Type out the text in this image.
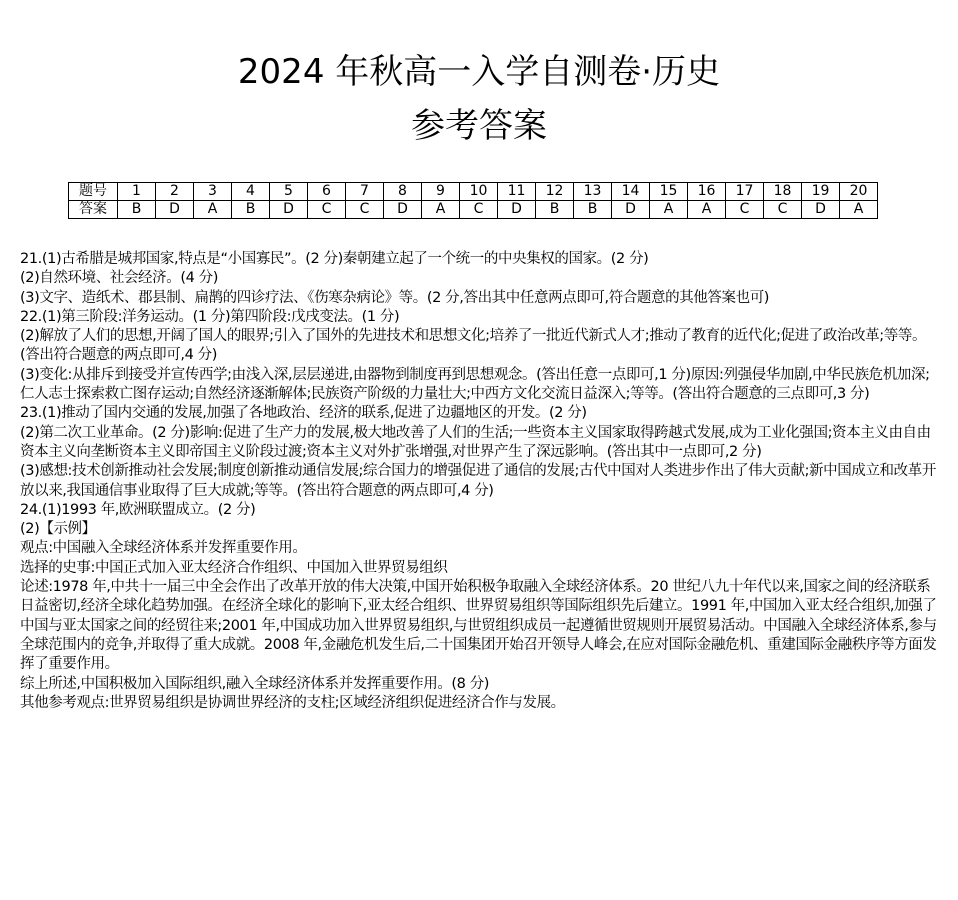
2024 年秋高一入学自测卷·历史
参考答案
题号	1	2	3	4	5	6	7	8	9	10	11	12	13	14	15	16	17	18	19	20
答案	B	D	A	B	D	C	C	D	A	C	D	B	B	D	A	A	C	C	D	A

21.(1)古希腊是城邦国家,特点是“小国寡民”。(2 分)秦朝建立起了一个统一的中央集权的国家。(2 分)

(2)自然环境、社会经济。(4 分)

(3)文字、造纸术、郡县制、扁鹊的四诊疗法、《伤寒杂病论》等。(2 分,答出其中任意两点即可,符合题意的其他答案也可)

22.(1)第三阶段:洋务运动。(1 分)第四阶段:戊戌变法。(1 分)

(2)解放了人们的思想,开阔了国人的眼界;引入了国外的先进技术和思想文化;培养了一批近代新式人才;推动了教育的近代化;促进了政治改革;等等。(答出符合题意的两点即可,4 分)

(3)变化:从排斥到接受并宣传西学;由浅入深,层层递进,由器物到制度再到思想观念。(答出任意一点即可,1 分)原因:列强侵华加剧,中华民族危机加深;仁人志士探索救亡图存运动;自然经济逐渐解体;民族资产阶级的力量壮大;中西方文化交流日益深入;等等。(答出符合题意的三点即可,3 分)

23.(1)推动了国内交通的发展,加强了各地政治、经济的联系,促进了边疆地区的开发。(2 分)

(2)第二次工业革命。(2 分)影响:促进了生产力的发展,极大地改善了人们的生活;一些资本主义国家取得跨越式发展,成为工业化强国;资本主义由自由资本主义向垄断资本主义即帝国主义阶段过渡;资本主义对外扩张增强,对世界产生了深远影响。(答出其中一点即可,2 分)

(3)感想:技术创新推动社会发展;制度创新推动通信发展;综合国力的增强促进了通信的发展;古代中国对人类进步作出了伟大贡献;新中国成立和改革开放以来,我国通信事业取得了巨大成就;等等。(答出符合题意的两点即可,4 分)

24.(1)1993 年,欧洲联盟成立。(2 分)

(2)【示例】

观点:中国融入全球经济体系并发挥重要作用。

选择的史事:中国正式加入亚太经济合作组织、中国加入世界贸易组织

论述:1978 年,中共十一届三中全会作出了改革开放的伟大决策,中国开始积极争取融入全球经济体系。20 世纪八九十年代以来,国家之间的经济联系日益密切,经济全球化趋势加强。在经济全球化的影响下,亚太经合组织、世界贸易组织等国际组织先后建立。1991 年,中国加入亚太经合组织,加强了中国与亚太国家之间的经贸往来;2001 年,中国成功加入世界贸易组织,与世贸组织成员一起遵循世贸规则开展贸易活动。中国融入全球经济体系,参与全球范围内的竞争,并取得了重大成就。2008 年,金融危机发生后,二十国集团开始召开领导人峰会,在应对国际金融危机、重建国际金融秩序等方面发挥了重要作用。

综上所述,中国积极加入国际组织,融入全球经济体系并发挥重要作用。(8 分)

其他参考观点:世界贸易组织是协调世界经济的支柱;区域经济组织促进经济合作与发展。
